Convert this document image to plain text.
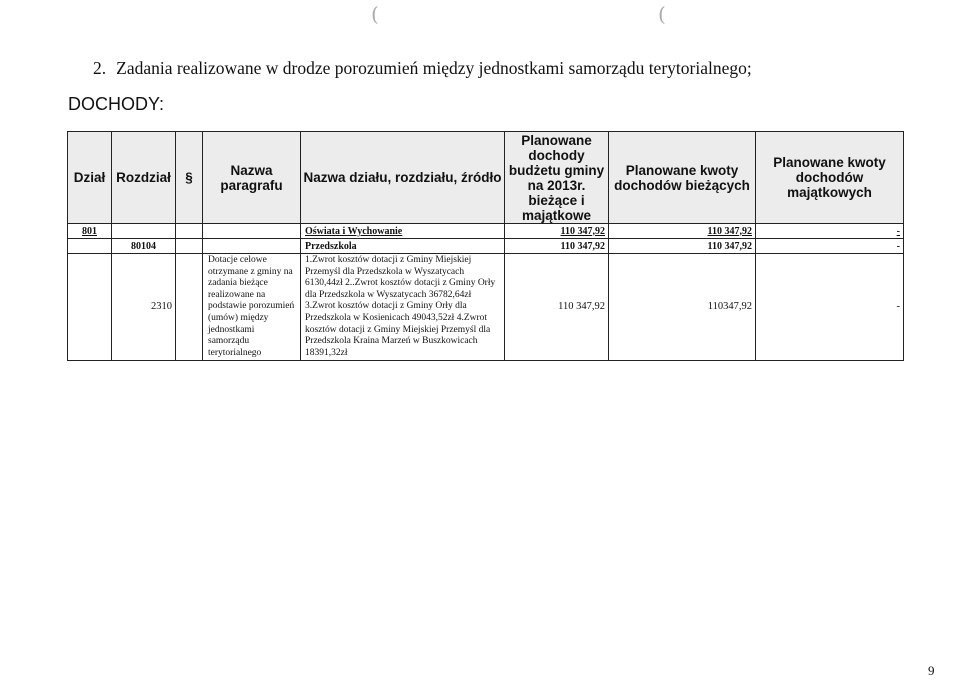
(	(
2. Zadania realizowane w drodze porozumień między jednostkami samorządu terytorialnego;
DOCHODY:
Dział	Rozdział	§	Nazwa paragrafu	Nazwa działu, rozdziału, źródło	Planowane dochody budżetu gminy na 2013r. bieżące i majątkowe	Planowane kwoty dochodów bieżących	Planowane kwoty dochodów majątkowych
801				Oświata i Wychowanie	110 347,92	110 347,92	-
	80104			Przedszkola	110 347,92	110 347,92	-
	2310		Dotacje celowe otrzymane z gminy na zadania bieżące realizowane na podstawie porozumień (umów) między jednostkami samorządu terytorialnego	1.Zwrot kosztów dotacji z Gminy Miejskiej Przemyśl dla Przedszkola w Wyszatycach 6130,44zł 2..Zwrot kosztów dotacji z Gminy Orły dla Przedszkola w Wyszatycach 36782,64zł 3.Zwrot kosztów dotacji z Gminy Orły dla Przedszkola w Kosienicach 49043,52zł 4.Zwrot kosztów dotacji z Gminy Miejskiej Przemyśl dla Przedszkola Kraina Marzeń w Buszkowicach 18391,32zł	110 347,92	110347,92	-
9
